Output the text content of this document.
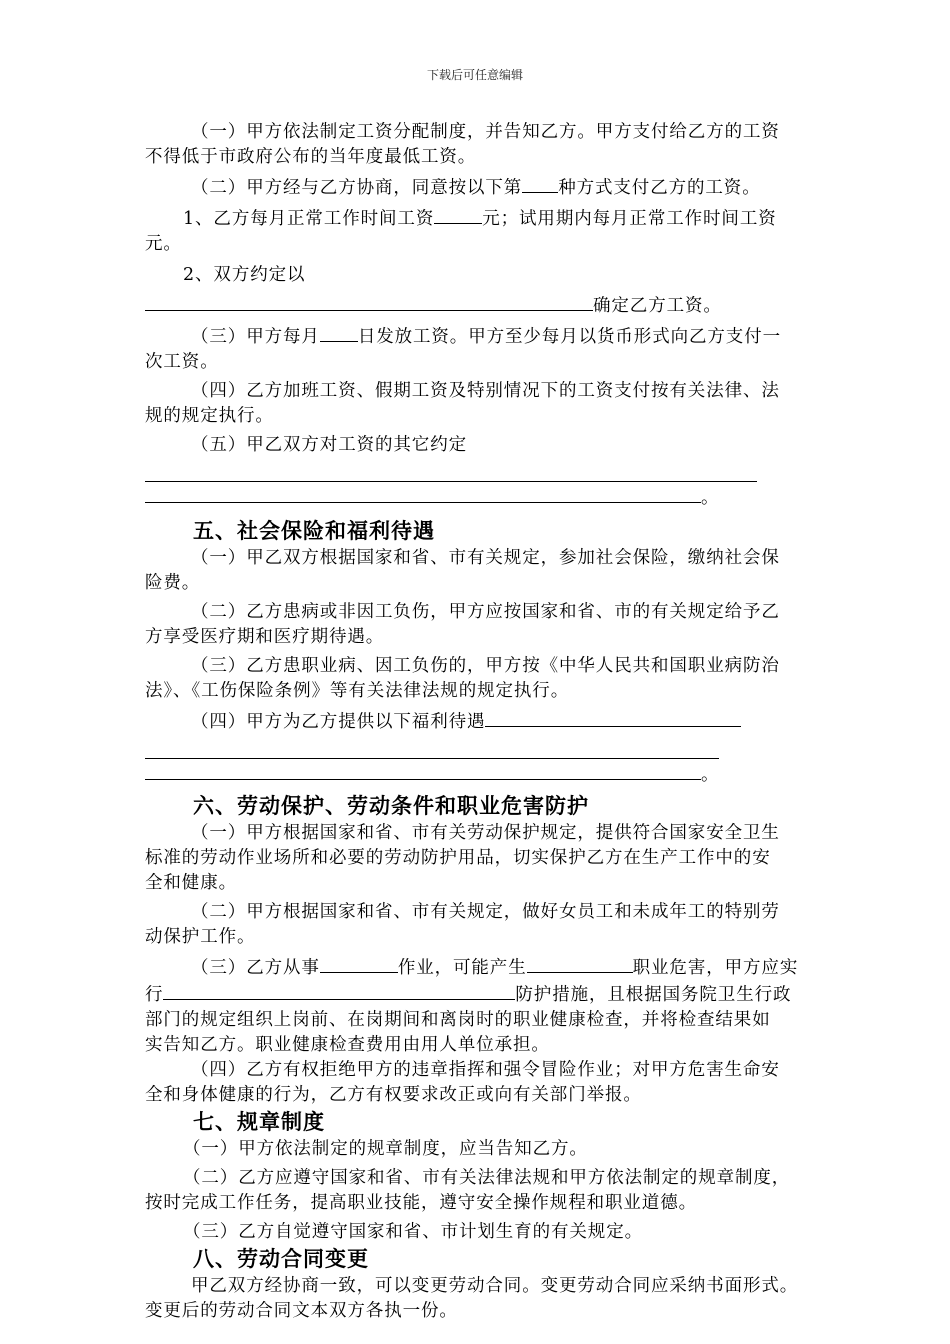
下载后可任意编辑

（一）甲方依法制定工资分配制度，并告知乙方。甲方支付给乙方的工资

不得低于市政府公布的当年度最低工资。

（二）甲方经与乙方协商，同意按以下第 种方式支付乙方的工资。

1、乙方每月正常工作时间工资	元；试用期内每月正常工作时间工资

元。

2、双方约定以

确定乙方工资。

（三）甲方每月 日发放工资。甲方至少每月以货币形式向乙方支付一

次工资。

（四）乙方加班工资、假期工资及特别情况下的工资支付按有关法律、法

规的规定执行。

（五）甲乙双方对工资的其它约定

。

五、社会保险和福利待遇

（一）甲乙双方根据国家和省、市有关规定，参加社会保险，缴纳社会保

险费。

（二）乙方患病或非因工负伤，甲方应按国家和省、市的有关规定给予乙

方享受医疗期和医疗期待遇。

（三）乙方患职业病、因工负伤的，甲方按《中华人民共和国职业病防治

法》、《工伤保险条例》等有关法律法规的规定执行。

（四）甲方为乙方提供以下福利待遇

。

六、劳动保护、劳动条件和职业危害防护

（一）甲方根据国家和省、市有关劳动保护规定，提供符合国家安全卫生

标准的劳动作业场所和必要的劳动防护用品，切实保护乙方在生产工作中的安

全和健康。

（二）甲方根据国家和省、市有关规定，做好女员工和未成年工的特别劳

动保护工作。

（三）乙方从事	作业，可能产生	职业危害，甲方应实

行	防护措施，且根据国务院卫生行政

部门的规定组织上岗前、在岗期间和离岗时的职业健康检查，并将检查结果如

实告知乙方。职业健康检查费用由用人单位承担。

（四）乙方有权拒绝甲方的违章指挥和强令冒险作业；对甲方危害生命安

全和身体健康的行为，乙方有权要求改正或向有关部门举报。

七、规章制度

（一）甲方依法制定的规章制度，应当告知乙方。

（二）乙方应遵守国家和省、市有关法律法规和甲方依法制定的规章制度，

按时完成工作任务，提高职业技能，遵守安全操作规程和职业道德。

（三）乙方自觉遵守国家和省、市计划生育的有关规定。

八、劳动合同变更

甲乙双方经协商一致，可以变更劳动合同。变更劳动合同应采纳书面形式。

变更后的劳动合同文本双方各执一份。
